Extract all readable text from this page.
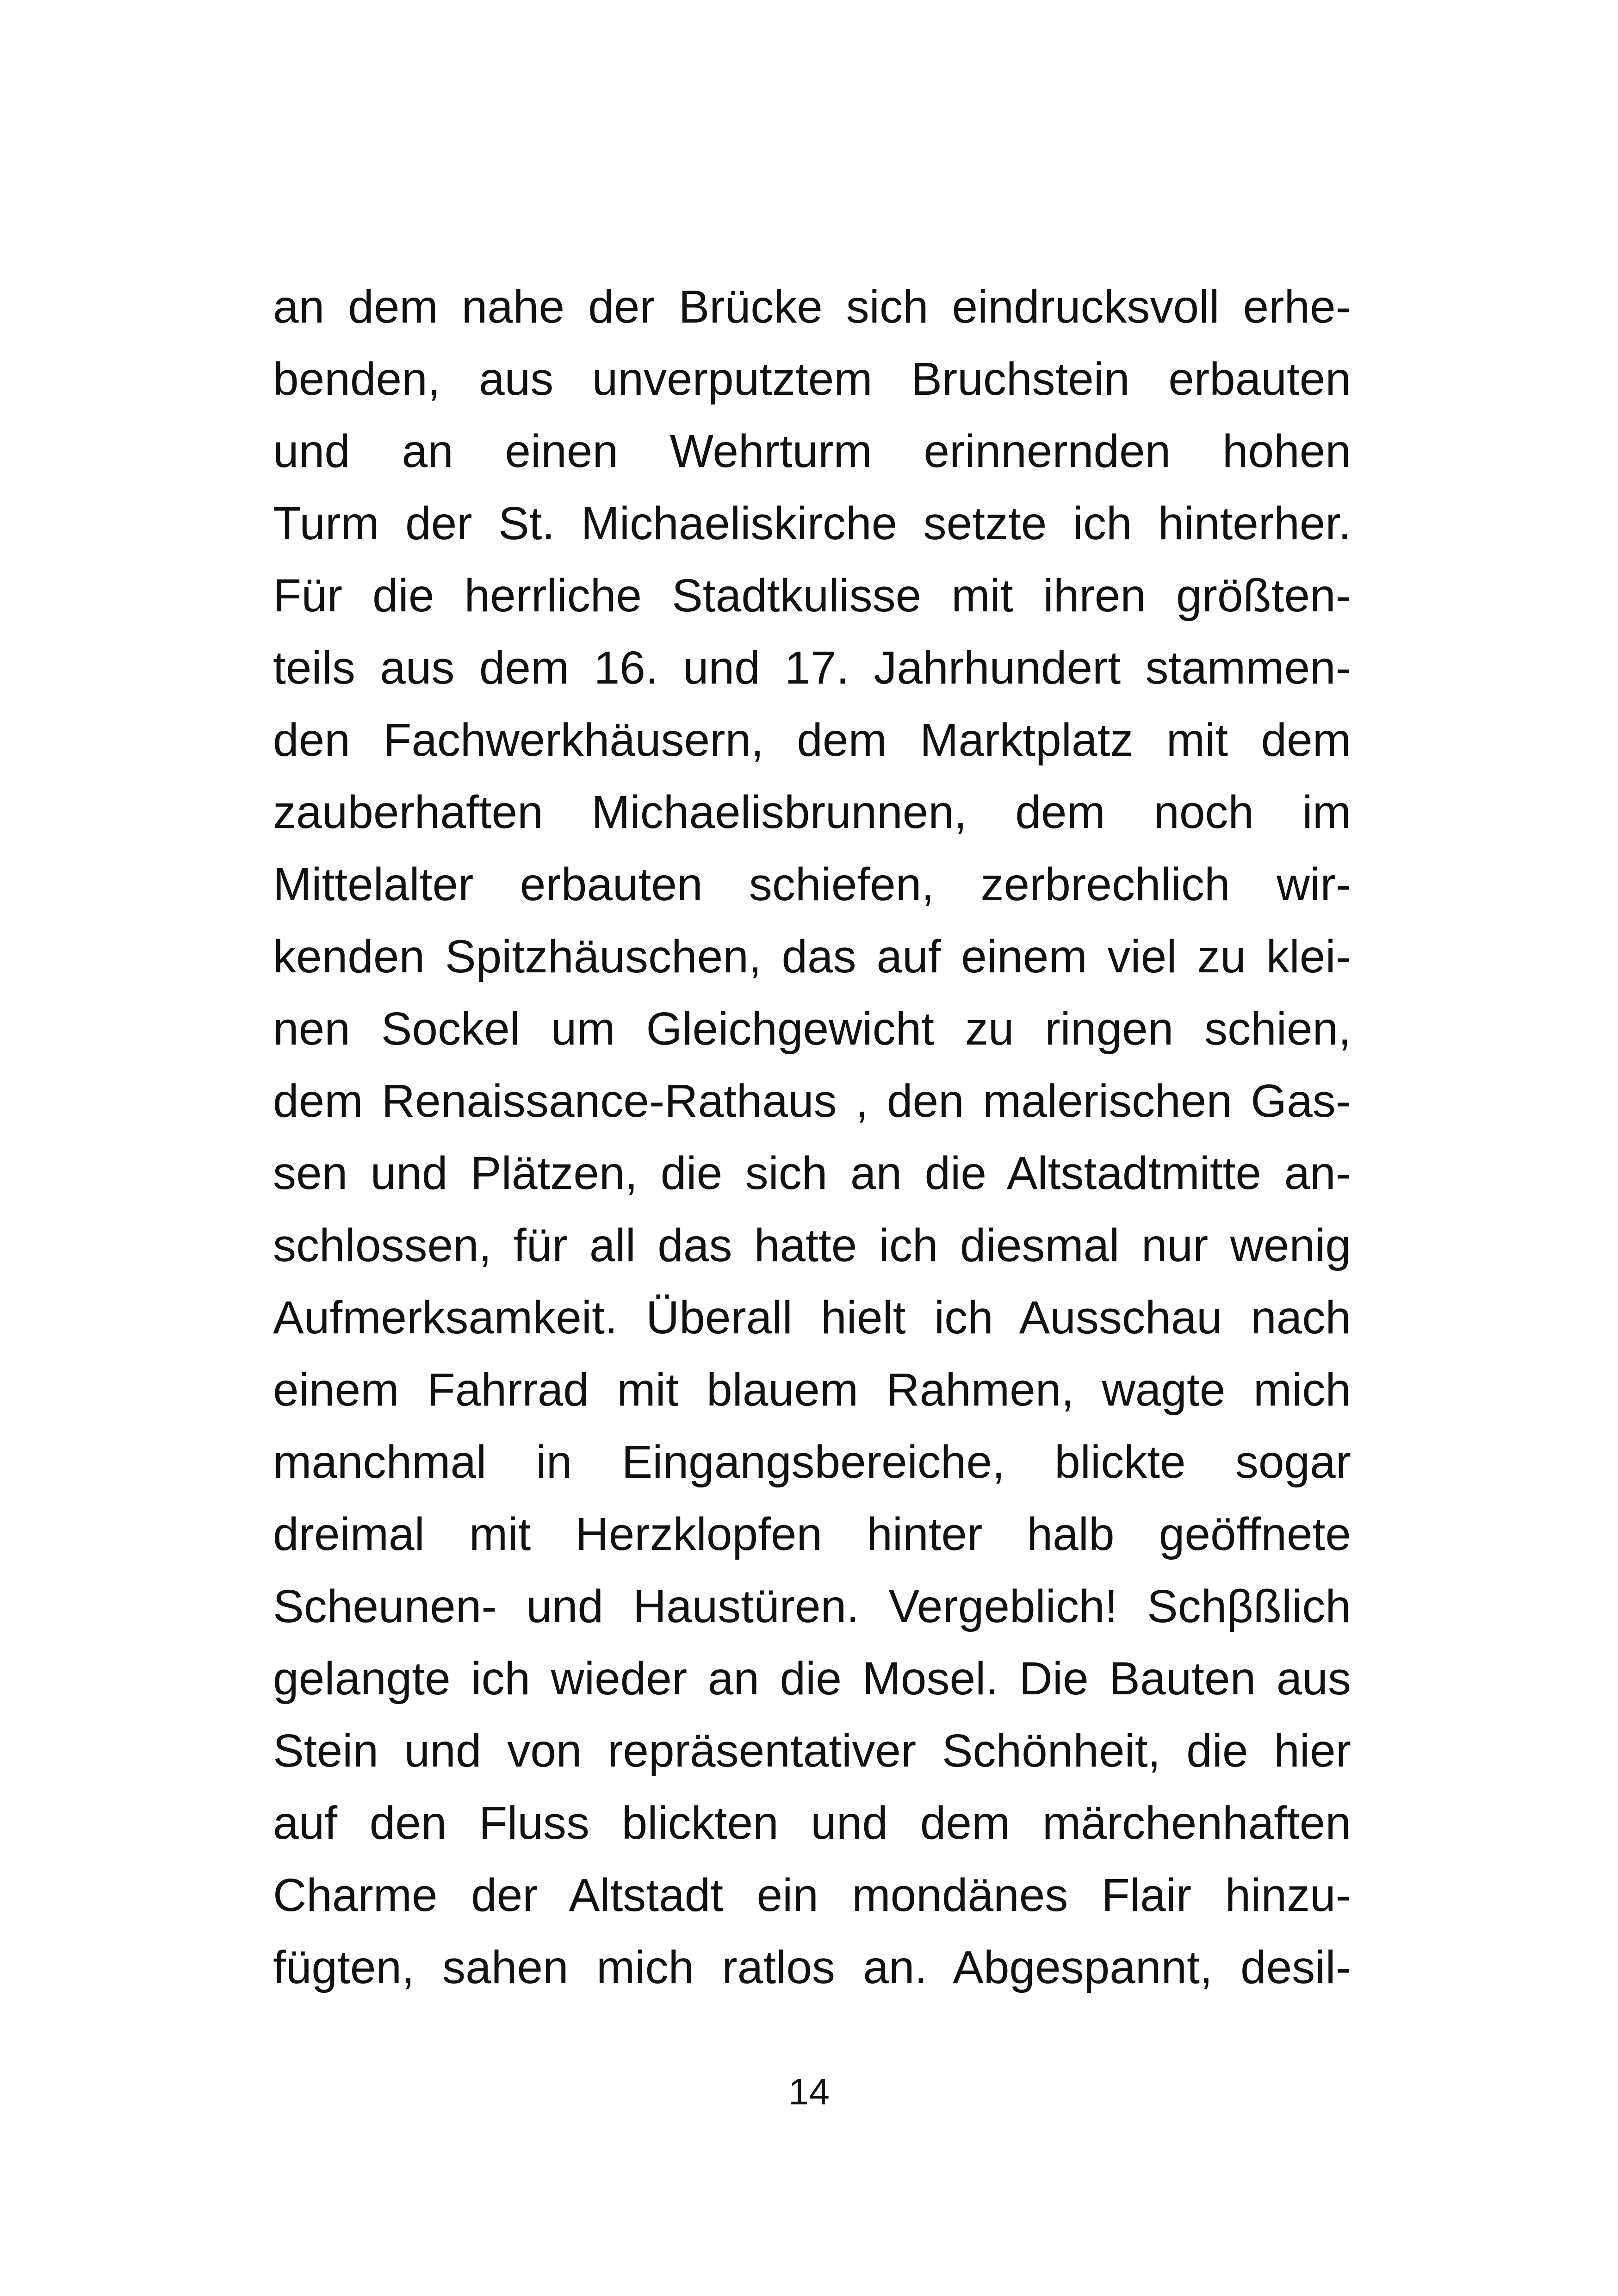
an dem nahe der Brücke sich eindrucksvoll erhe-
benden, aus unverputztem Bruchstein erbauten
und an einen Wehrturm erinnernden hohen
Turm der St. Michaeliskirche setzte ich hinterher.
Für die herrliche Stadtkulisse mit ihren größten-
teils aus dem 16. und 17. Jahrhundert stammen-
den Fachwerkhäusern, dem Marktplatz mit dem
zauberhaften Michaelisbrunnen, dem noch im
Mittelalter erbauten schiefen, zerbrechlich wir-
kenden Spitzhäuschen, das auf einem viel zu klei-
nen Sockel um Gleichgewicht zu ringen schien,
dem Renaissance-Rathaus , den malerischen Gas-
sen und Plätzen, die sich an die Altstadtmitte an-
schlossen, für all das hatte ich diesmal nur wenig
Aufmerksamkeit. Überall hielt ich Ausschau nach
einem Fahrrad mit blauem Rahmen, wagte mich
manchmal in Eingangsbereiche, blickte sogar
dreimal mit Herzklopfen hinter halb geöffnete
Scheunen- und Haustüren. Vergeblich! Schβßlich
gelangte ich wieder an die Mosel. Die Bauten aus
Stein und von repräsentativer Schönheit, die hier
auf den Fluss blickten und dem märchenhaften
Charme der Altstadt ein mondänes Flair hinzu-
fügten, sahen mich ratlos an. Abgespannt, desil-
14
